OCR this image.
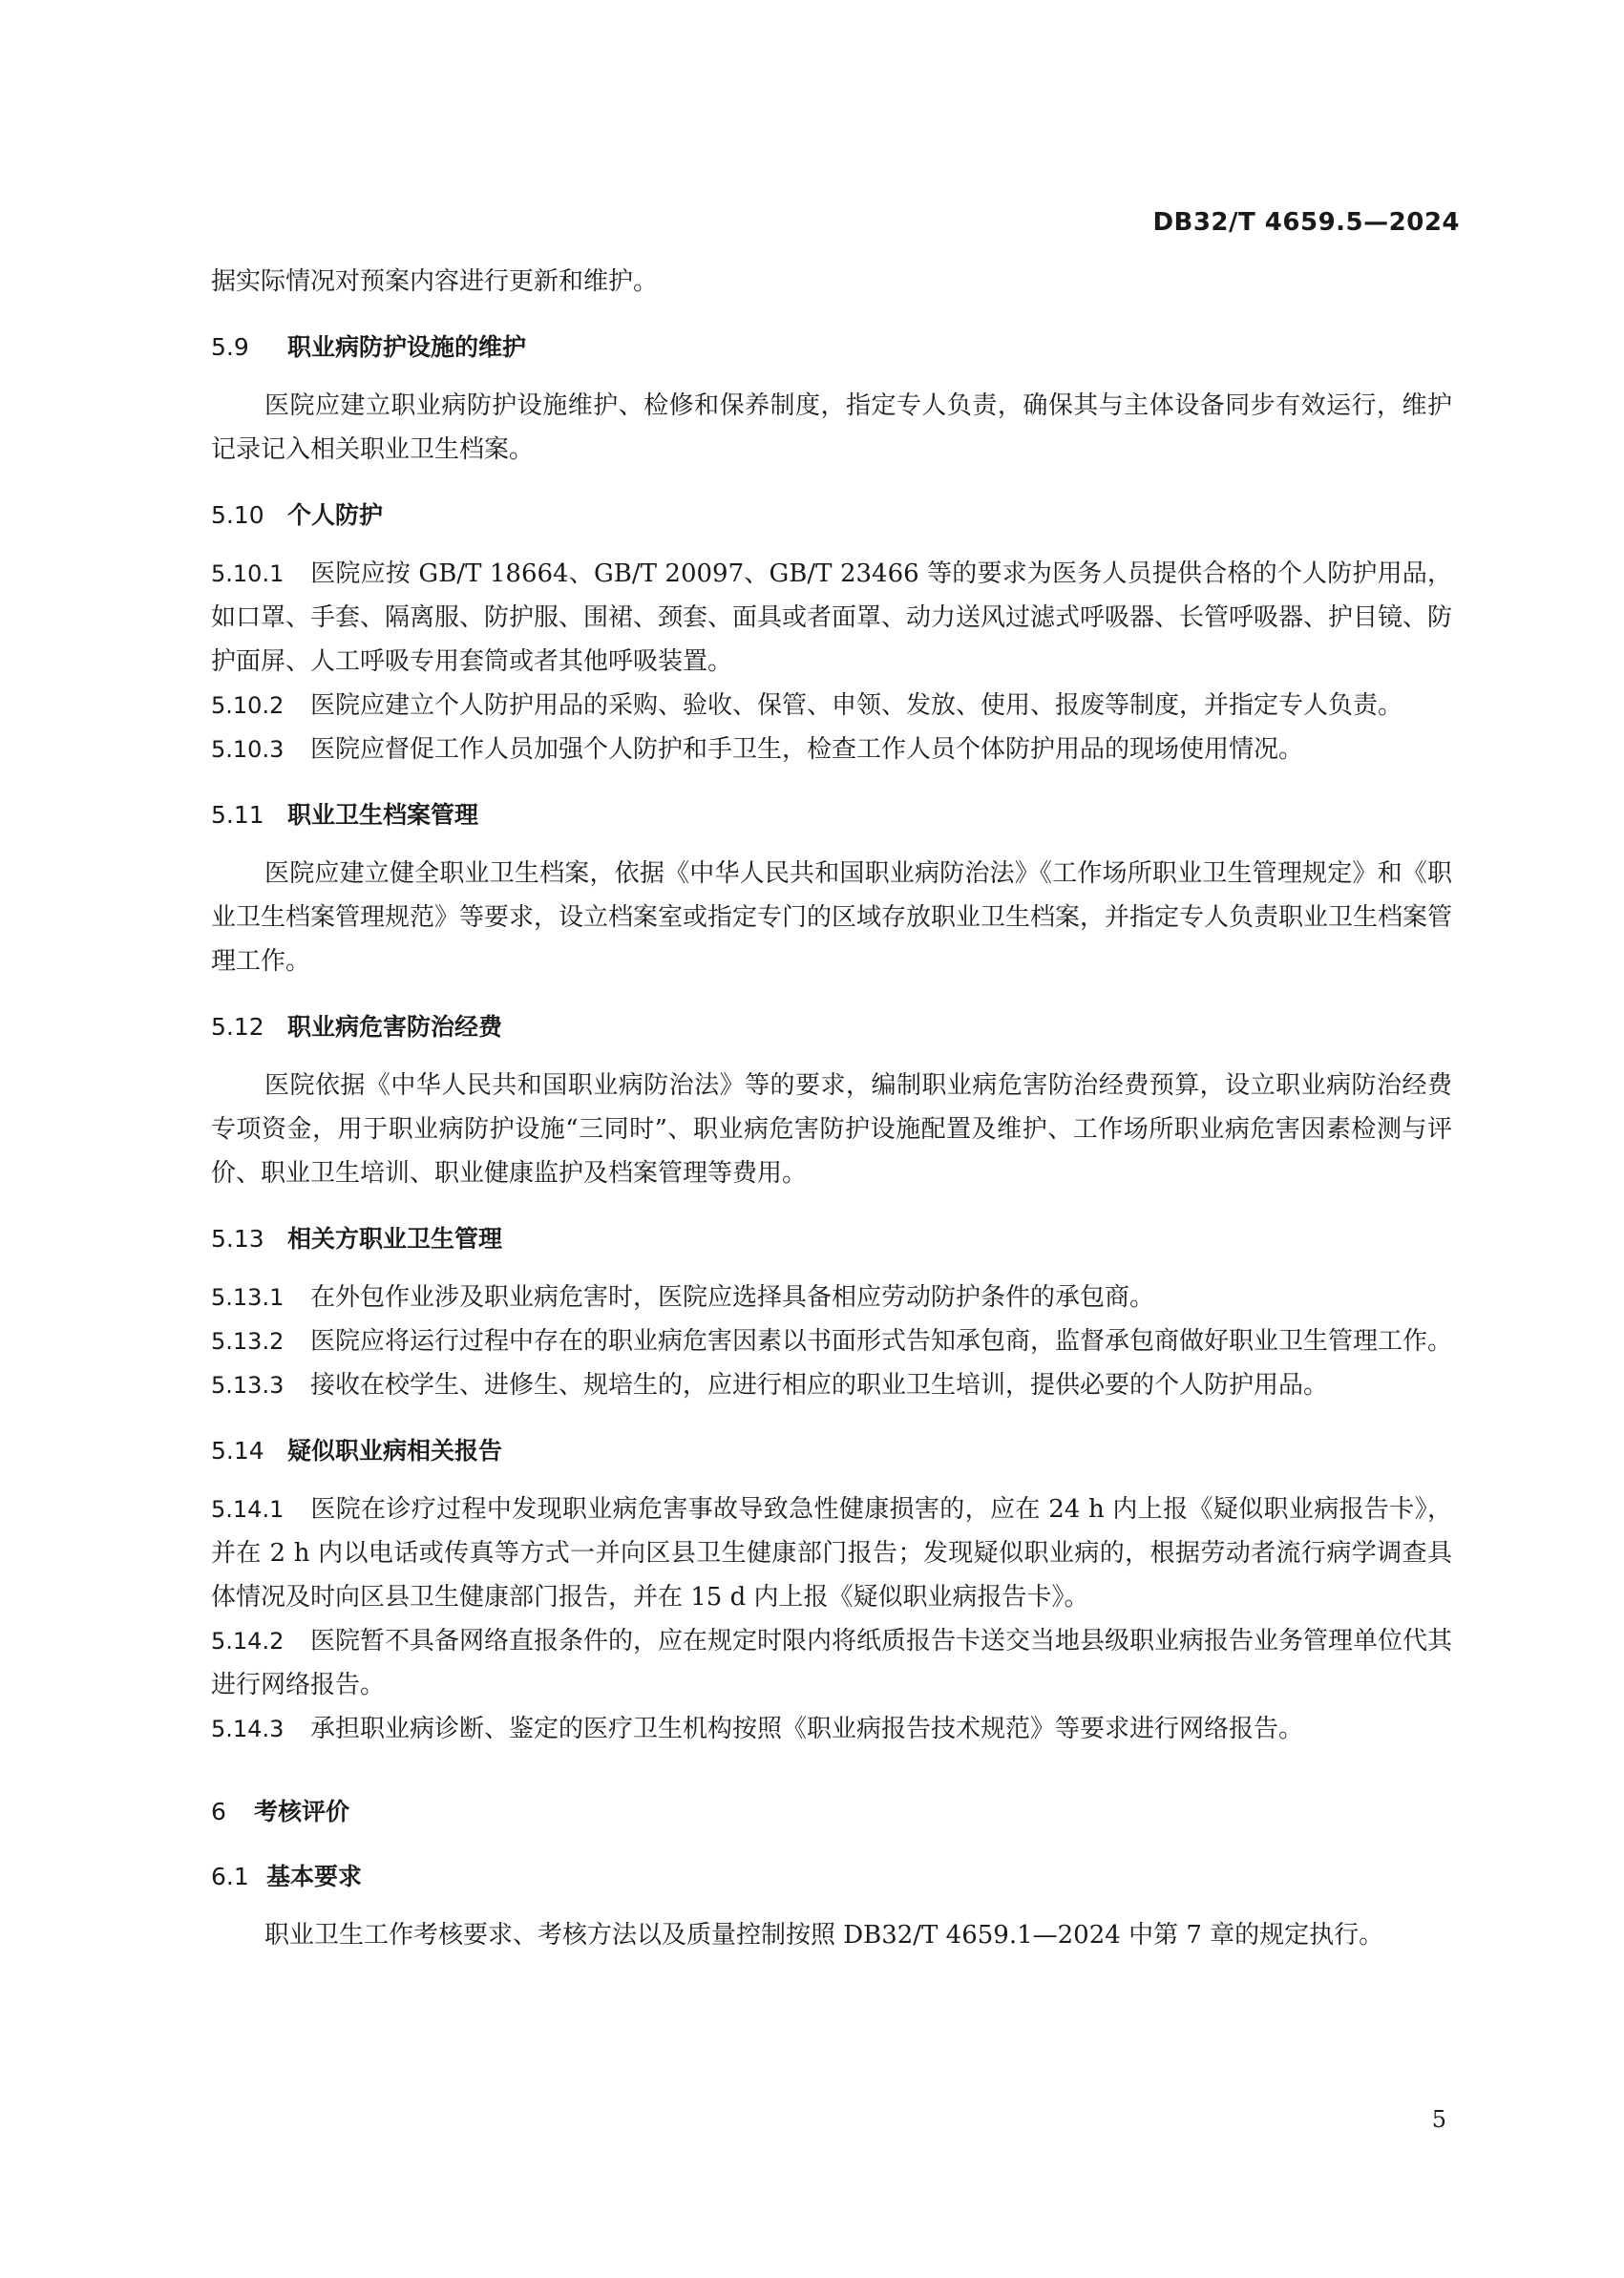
DB32/T 4659.5—2024

据实际情况对预案内容进行更新和维护。

5.9 职业病防护设施的维护

医院应建立职业病防护设施维护、检修和保养制度，指定专人负责，确保其与主体设备同步有效运行，维护记录记入相关职业卫生档案。

5.10 个人防护

5.10.1 医院应按 GB/T 18664、GB/T 20097、GB/T 23466 等的要求为医务人员提供合格的个人防护用品，如口罩、手套、隔离服、防护服、围裙、颈套、面具或者面罩、动力送风过滤式呼吸器、长管呼吸器、护目镜、防护面屏、人工呼吸专用套筒或者其他呼吸装置。

5.10.2 医院应建立个人防护用品的采购、验收、保管、申领、发放、使用、报废等制度，并指定专人负责。

5.10.3 医院应督促工作人员加强个人防护和手卫生，检查工作人员个体防护用品的现场使用情况。

5.11 职业卫生档案管理

医院应建立健全职业卫生档案，依据《中华人民共和国职业病防治法》《工作场所职业卫生管理规定》和《职业卫生档案管理规范》等要求，设立档案室或指定专门的区域存放职业卫生档案，并指定专人负责职业卫生档案管理工作。

5.12 职业病危害防治经费

医院依据《中华人民共和国职业病防治法》等的要求，编制职业病危害防治经费预算，设立职业病防治经费专项资金，用于职业病防护设施“三同时”、职业病危害防护设施配置及维护、工作场所职业病危害因素检测与评价、职业卫生培训、职业健康监护及档案管理等费用。

5.13 相关方职业卫生管理

5.13.1 在外包作业涉及职业病危害时，医院应选择具备相应劳动防护条件的承包商。

5.13.2 医院应将运行过程中存在的职业病危害因素以书面形式告知承包商，监督承包商做好职业卫生管理工作。

5.13.3 接收在校学生、进修生、规培生的，应进行相应的职业卫生培训，提供必要的个人防护用品。

5.14 疑似职业病相关报告

5.14.1 医院在诊疗过程中发现职业病危害事故导致急性健康损害的，应在 24 h 内上报《疑似职业病报告卡》，并在 2 h 内以电话或传真等方式一并向区县卫生健康部门报告；发现疑似职业病的，根据劳动者流行病学调查具体情况及时向区县卫生健康部门报告，并在 15 d 内上报《疑似职业病报告卡》。

5.14.2 医院暂不具备网络直报条件的，应在规定时限内将纸质报告卡送交当地县级职业病报告业务管理单位代其进行网络报告。

5.14.3 承担职业病诊断、鉴定的医疗卫生机构按照《职业病报告技术规范》等要求进行网络报告。

6 考核评价
6.1 基本要求

职业卫生工作考核要求、考核方法以及质量控制按照 DB32/T 4659.1—2024 中第 7 章的规定执行。

5
